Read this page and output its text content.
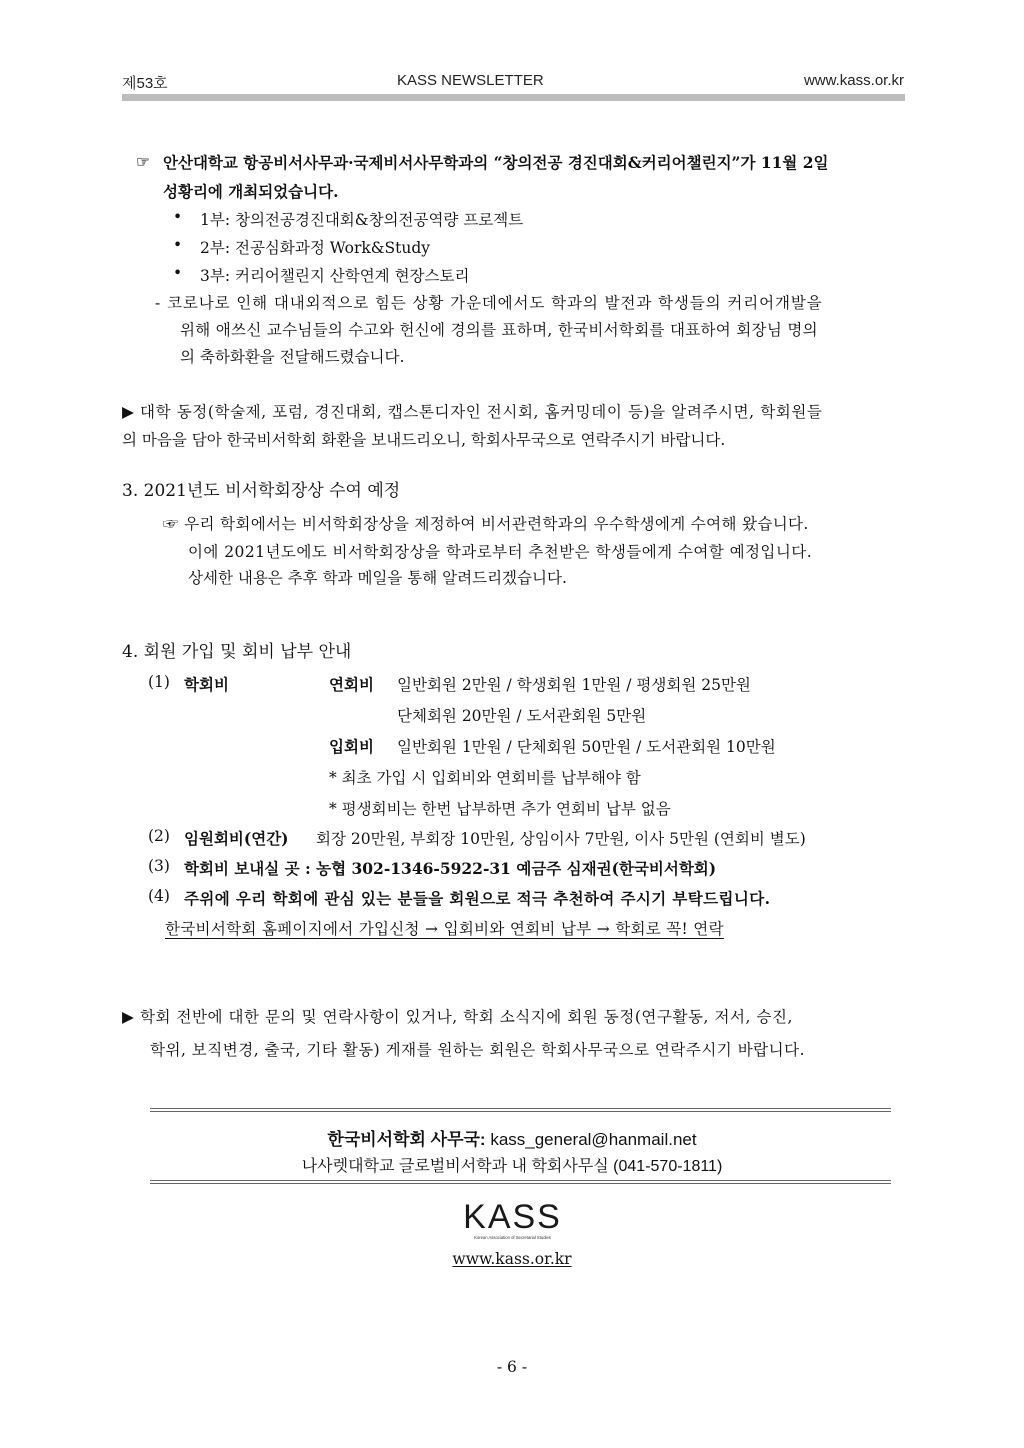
제53호	KASS NEWSLETTER	www.kass.or.kr
☞ 안산대학교 항공비서사무과·국제비서사무학과의 “창의전공 경진대회&커리어챌린지”가 11월 2일
성황리에 개최되었습니다.
• 1부: 창의전공경진대회&창의전공역량 프로젝트
• 2부: 전공심화과정 Work&Study
• 3부: 커리어챌린지 산학연계 현장스토리
- 코로나로 인해 대내외적으로 힘든 상황 가운데에서도 학과의 발전과 학생들의 커리어개발을
위해 애쓰신 교수님들의 수고와 헌신에 경의를 표하며, 한국비서학회를 대표하여 회장님 명의
의 축하화환을 전달해드렸습니다.
▶ 대학 동정(학술제, 포럼, 경진대회, 캡스톤디자인 전시회, 홈커밍데이 등)을 알려주시면, 학회원들
의 마음을 담아 한국비서학회 화환을 보내드리오니, 학회사무국으로 연락주시기 바랍니다.
3. 2021년도 비서학회장상 수여 예정
☞ 우리 학회에서는 비서학회장상을 제정하여 비서관련학과의 우수학생에게 수여해 왔습니다.
이에 2021년도에도 비서학회장상을 학과로부터 추천받은 학생들에게 수여할 예정입니다.
상세한 내용은 추후 학과 메일을 통해 알려드리겠습니다.
4. 회원 가입 및 회비 납부 안내
(1) 학회비	연회비 일반회원 2만원 / 학생회원 1만원 / 평생회원 25만원
단체회원 20만원 / 도서관회원 5만원
입회비 일반회원 1만원 / 단체회원 50만원 / 도서관회원 10만원
* 최초 가입 시 입회비와 연회비를 납부해야 함
* 평생회비는 한번 납부하면 추가 연회비 납부 없음
(2) 임원회비(연간) 회장 20만원, 부회장 10만원, 상임이사 7만원, 이사 5만원 (연회비 별도)
(3) 학회비 보내실 곳 : 농협 302-1346-5922-31 예금주 심재권(한국비서학회)
(4) 주위에 우리 학회에 관심 있는 분들을 회원으로 적극 추천하여 주시기 부탁드립니다.
한국비서학회 홈페이지에서 가입신청 → 입회비와 연회비 납부 → 학회로 꼭! 연락
▶ 학회 전반에 대한 문의 및 연락사항이 있거나, 학회 소식지에 회원 동정(연구활동, 저서, 승진,
학위, 보직변경, 출국, 기타 활동) 게재를 원하는 회원은 학회사무국으로 연락주시기 바랍니다.
한국비서학회 사무국: kass_general@hanmail.net
나사렛대학교 글로벌비서학과 내 학회사무실 (041-570-1811)
KASS
Korean Association of Secretarial Studies
www.kass.or.kr
- 6 -
